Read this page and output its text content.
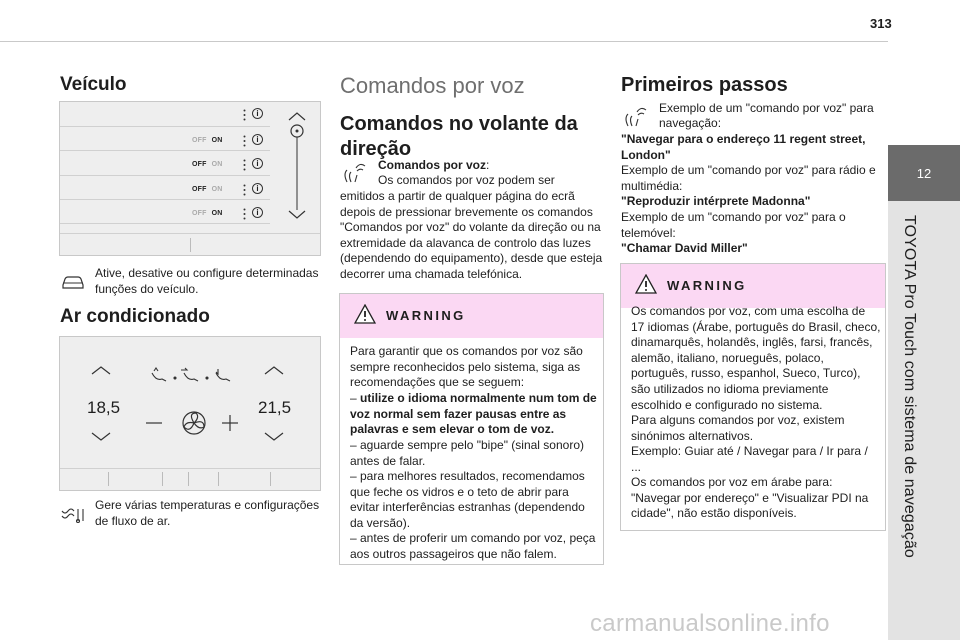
313
12
TOYOTA Pro Touch com sistema de navegação
Veículo
OFF ON
OFF ON
OFF ON
OFF ON
i
i
i
i
i
Ative, desative ou configure determinadas funções do veículo.
Ar condicionado
18,5	21,5
Gere várias temperaturas e configurações de fluxo de ar.
Comandos por voz
Comandos no volante da direção
Comandos por voz:
Os comandos por voz podem ser
emitidos a partir de qualquer página do ecrã depois de pressionar brevemente os comandos "Comandos por voz" do volante da direção ou na extremidade da alavanca de controlo das luzes (dependendo do equipamento), desde que esteja decorrer uma chamada telefónica.
WARNING
Para garantir que os comandos por voz são sempre reconhecidos pelo sistema, siga as recomendações que se seguem:
– utilize o idioma normalmente num tom de voz normal sem fazer pausas entre as palavras e sem elevar o tom de voz.
– aguarde sempre pelo "bipe" (sinal sonoro) antes de falar.
– para melhores resultados, recomendamos que feche os vidros e o teto de abrir para evitar interferências estranhas (dependendo da versão).
– antes de proferir um comando por voz, peça aos outros passageiros que não falem.
Primeiros passos
Exemplo de um "comando por voz" para
navegação:
"Navegar para o endereço 11 regent street, London"
Exemplo de um "comando por voz" para rádio e multimédia:
"Reproduzir intérprete Madonna"
Exemplo de um "comando por voz" para o telemóvel:
"Chamar David Miller"
WARNING
Os comandos por voz, com uma escolha de 17 idiomas (Árabe, português do Brasil, checo, dinamarquês, holandês, inglês, farsi, francês, alemão, italiano, norueguês, polaco, português, russo, espanhol, Sueco, Turco), são utilizados no idioma previamente escolhido e configurado no sistema.
Para alguns comandos por voz, existem sinónimos alternativos.
Exemplo: Guiar até / Navegar para / Ir para / ...
Os comandos por voz em árabe para: "Navegar por endereço" e "Visualizar PDI na cidade", não estão disponíveis.
carmanualsonline.info
